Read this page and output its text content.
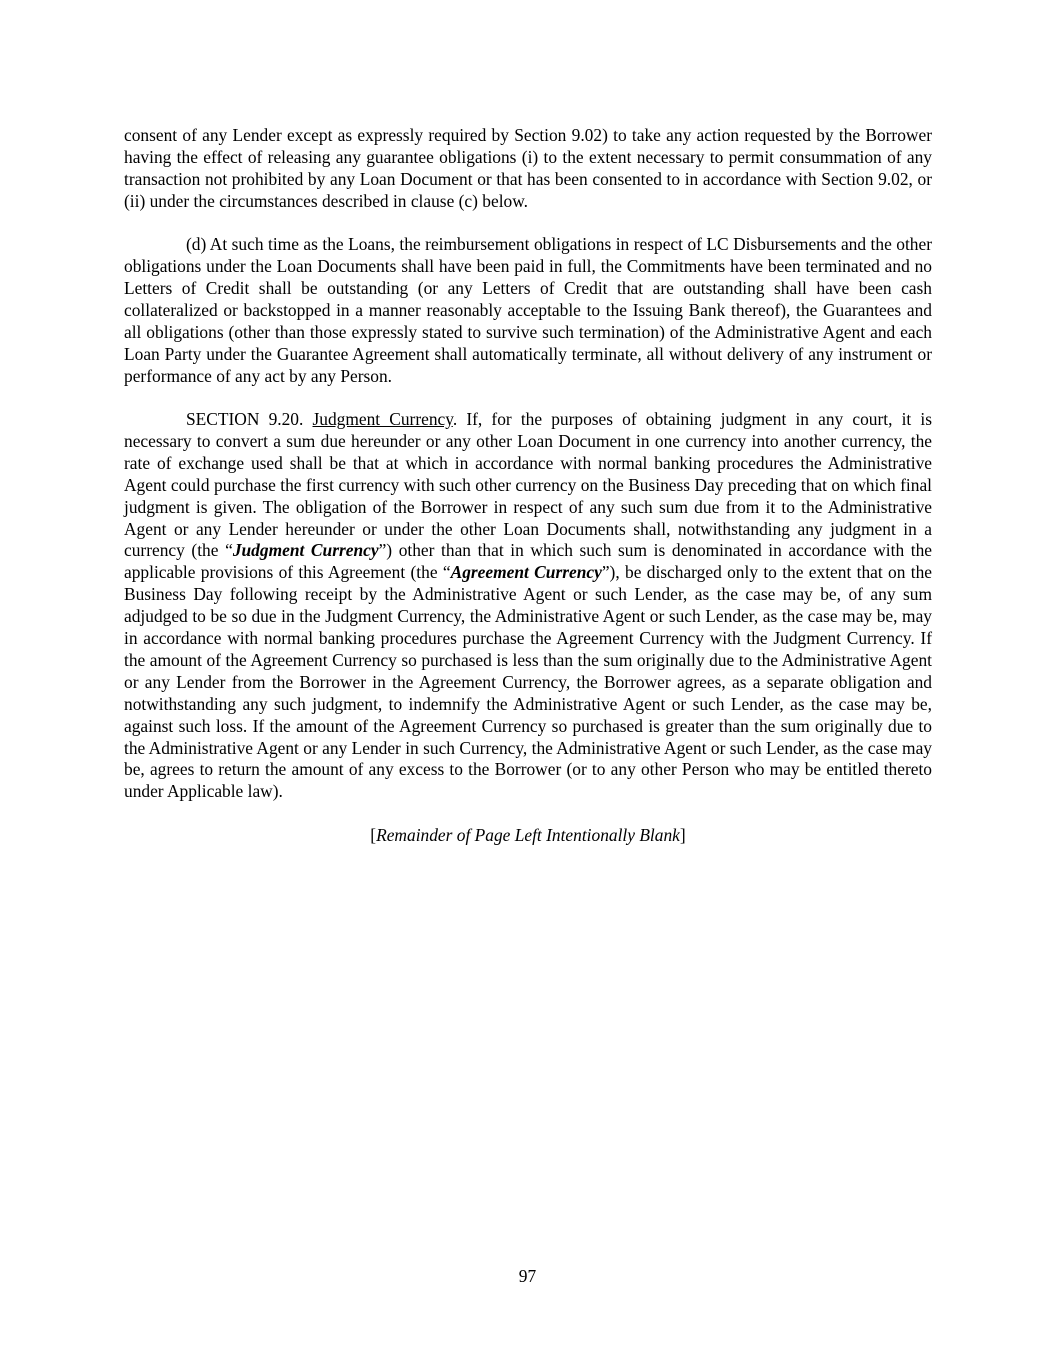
consent of any Lender except as expressly required by Section 9.02) to take any action requested by the Borrower having the effect of releasing any guarantee obligations (i) to the extent necessary to permit consummation of any transaction not prohibited by any Loan Document or that has been consented to in accordance with Section 9.02, or (ii) under the circumstances described in clause (c) below.

(d) At such time as the Loans, the reimbursement obligations in respect of LC Disbursements and the other obligations under the Loan Documents shall have been paid in full, the Commitments have been terminated and no Letters of Credit shall be outstanding (or any Letters of Credit that are outstanding shall have been cash collateralized or backstopped in a manner reasonably acceptable to the Issuing Bank thereof), the Guarantees and all obligations (other than those expressly stated to survive such termination) of the Administrative Agent and each Loan Party under the Guarantee Agreement shall automatically terminate, all without delivery of any instrument or performance of any act by any Person.

SECTION 9.20. Judgment Currency. If, for the purposes of obtaining judgment in any court, it is necessary to convert a sum due hereunder or any other Loan Document in one currency into another currency, the rate of exchange used shall be that at which in accordance with normal banking procedures the Administrative Agent could purchase the first currency with such other currency on the Business Day preceding that on which final judgment is given. The obligation of the Borrower in respect of any such sum due from it to the Administrative Agent or any Lender hereunder or under the other Loan Documents shall, notwithstanding any judgment in a currency (the “Judgment Currency”) other than that in which such sum is denominated in accordance with the applicable provisions of this Agreement (the “Agreement Currency”), be discharged only to the extent that on the Business Day following receipt by the Administrative Agent or such Lender, as the case may be, of any sum adjudged to be so due in the Judgment Currency, the Administrative Agent or such Lender, as the case may be, may in accordance with normal banking procedures purchase the Agreement Currency with the Judgment Currency. If the amount of the Agreement Currency so purchased is less than the sum originally due to the Administrative Agent or any Lender from the Borrower in the Agreement Currency, the Borrower agrees, as a separate obligation and notwithstanding any such judgment, to indemnify the Administrative Agent or such Lender, as the case may be, against such loss. If the amount of the Agreement Currency so purchased is greater than the sum originally due to the Administrative Agent or any Lender in such Currency, the Administrative Agent or such Lender, as the case may be, agrees to return the amount of any excess to the Borrower (or to any other Person who may be entitled thereto under Applicable law).

[Remainder of Page Left Intentionally Blank]

97
